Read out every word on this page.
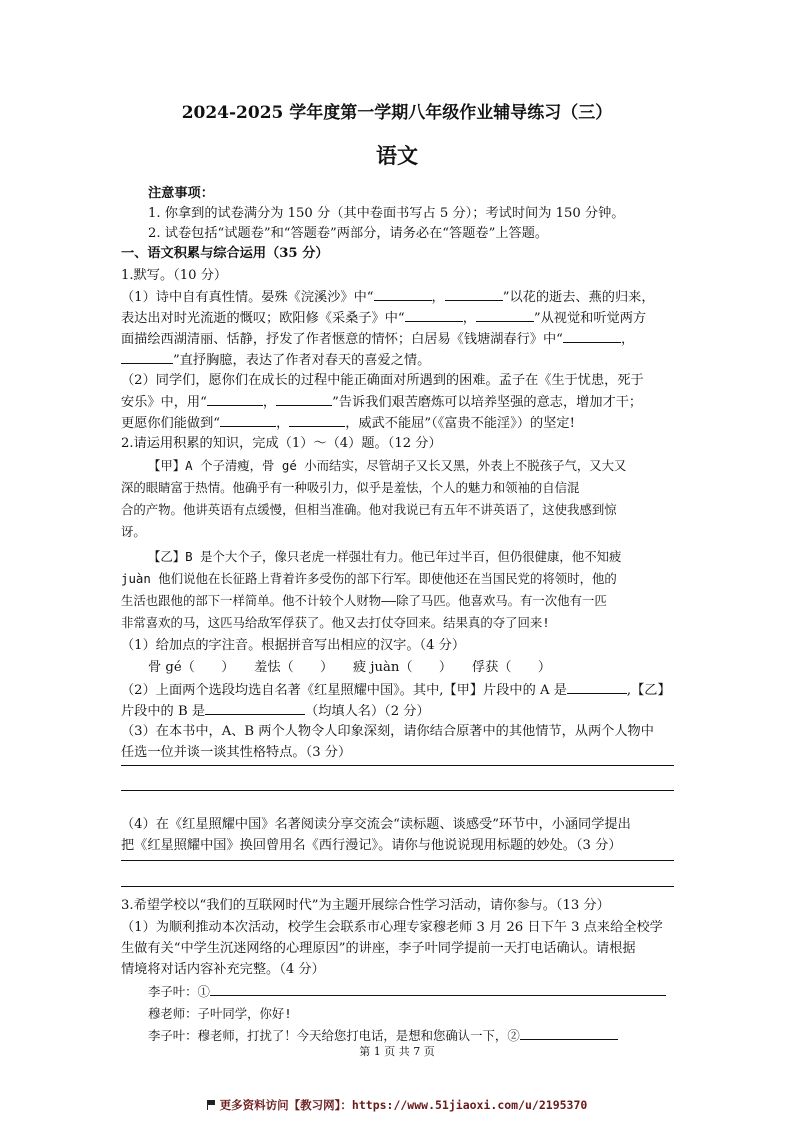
2024-2025 学年度第一学期八年级作业辅导练习（三）
语文
注意事项：
1. 你拿到的试卷满分为 150 分（其中卷面书写占 5 分）；考试时间为 150 分钟。
2. 试卷包括“试题卷”和“答题卷”两部分，请务必在“答题卷”上答题。
一、语文积累与综合运用（35 分）
1.默写。（10 分）
（1）诗中自有真性情。晏殊《浣溪沙》中“	，	”以花的逝去、燕的归来，
表达出对时光流逝的慨叹；欧阳修《采桑子》中“	，	”从视觉和听觉两方
面描绘西湖清丽、恬静，抒发了作者惬意的情怀；白居易《钱塘湖春行》中“	，
”直抒胸臆，表达了作者对春天的喜爱之情。
（2）同学们，愿你们在成长的过程中能正确面对所遇到的困难。孟子在《生于忧患，死于
安乐》中，用“	，	”告诉我们艰苦磨炼可以培养坚强的意志，增加才干；
更愿你们能做到“	，	，威武不能屈”（《富贵不能淫》）的坚定!
2.请运用积累的知识，完成（1）～（4）题。（12 分）
【甲】A 个子清瘦，骨 gé 小而结实，尽管胡子又长又黑，外表上不脱孩子气，又大又
深的眼睛富于热情。他确乎有一种吸引力，似乎是羞怯，个人的魅力和领袖的自信混
合的产物。他讲英语有点缓慢，但相当准确。他对我说已有五年不讲英语了，这使我感到惊
讶。
【乙】B 是个大个子，像只老虎一样强壮有力。他已年过半百，但仍很健康，他不知疲
juàn 他们说他在长征路上背着许多受伤的部下行军。即使他还在当国民党的将领时，他的
生活也跟他的部下一样简单。他不计较个人财物——除了马匹。他喜欢马。有一次他有一匹
非常喜欢的马，这匹马给敌军俘获了。他又去打仗夺回来。结果真的夺了回来!
（1）给加点的字注音。根据拼音写出相应的汉字。（4 分）
骨 gé（　　）　　羞怯（　　）　　疲 juàn（　　）　　俘获（　　）
（2）上面两个选段均选自名著《红星照耀中国》。其中,【甲】片段中的 A 是	,【乙】
片段中的 B 是	（均填人名）（2 分）
（3）在本书中，A、B 两个人物令人印象深刻，请你结合原著中的其他情节，从两个人物中
任选一位并谈一谈其性格特点。（3 分）
（4）在《红星照耀中国》名著阅读分享交流会“读标题、谈感受”环节中，小涵同学提出
把《红星照耀中国》换回曾用名《西行漫记》。请你与他说说现用标题的妙处。（3 分）
3.希望学校以“我们的互联网时代”为主题开展综合性学习活动，请你参与。（13 分）
（1）为顺利推动本次活动，校学生会联系市心理专家穆老师 3 月 26 日下午 3 点来给全校学
生做有关“中学生沉迷网络的心理原因”的讲座，李子叶同学提前一天打电话确认。请根据
情境将对话内容补充完整。（4 分）
李子叶：①
穆老师：子叶同学，你好!
李子叶：穆老师，打扰了！今天给您打电话，是想和您确认一下，②
第 1 页 共 7 页
更多资料访问【教习网】：https://www.51jiaoxi.com/u/2195370
